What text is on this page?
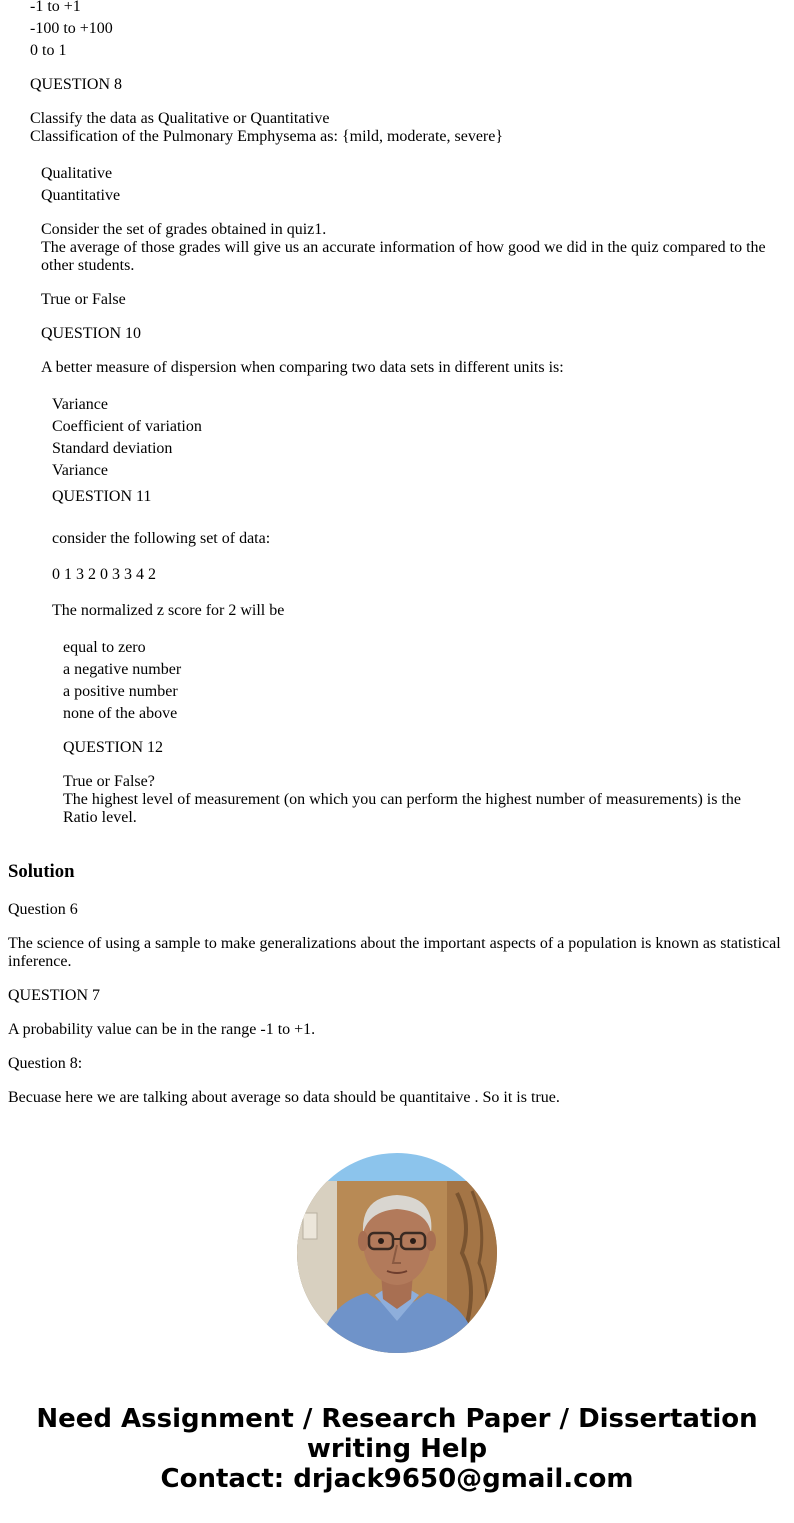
-1 to +1
-100 to +100
0 to 1
QUESTION 8
Classify the data as Qualitative or Quantitative
Classification of the Pulmonary Emphysema as: {mild, moderate, severe}
Qualitative
Quantitative
Consider the set of grades obtained in quiz1.
The average of those grades will give us an accurate information of how good we did in the quiz compared to the other students.
True or False
QUESTION 10
A better measure of dispersion when comparing two data sets in different units is:
Variance
Coefficient of variation
Standard deviation
Variance
QUESTION 11
consider the following set of data:
0 1 3 2 0 3 3 4 2
The normalized z score for 2 will be
equal to zero
a negative number
a positive number
none of the above
QUESTION 12
True or False?
The highest level of measurement (on which you can perform the highest number of measurements) is the Ratio level.
Solution
Question 6
The science of using a sample to make generalizations about the important aspects of a population is known as statistical inference.
QUESTION 7
A probability value can be in the range -1 to +1.
Question 8:
Becuase here we are talking about average so data should be quantitaive . So it is true.
Need Assignment / Research Paper / Dissertation
writing Help
Contact: drjack9650@gmail.com
